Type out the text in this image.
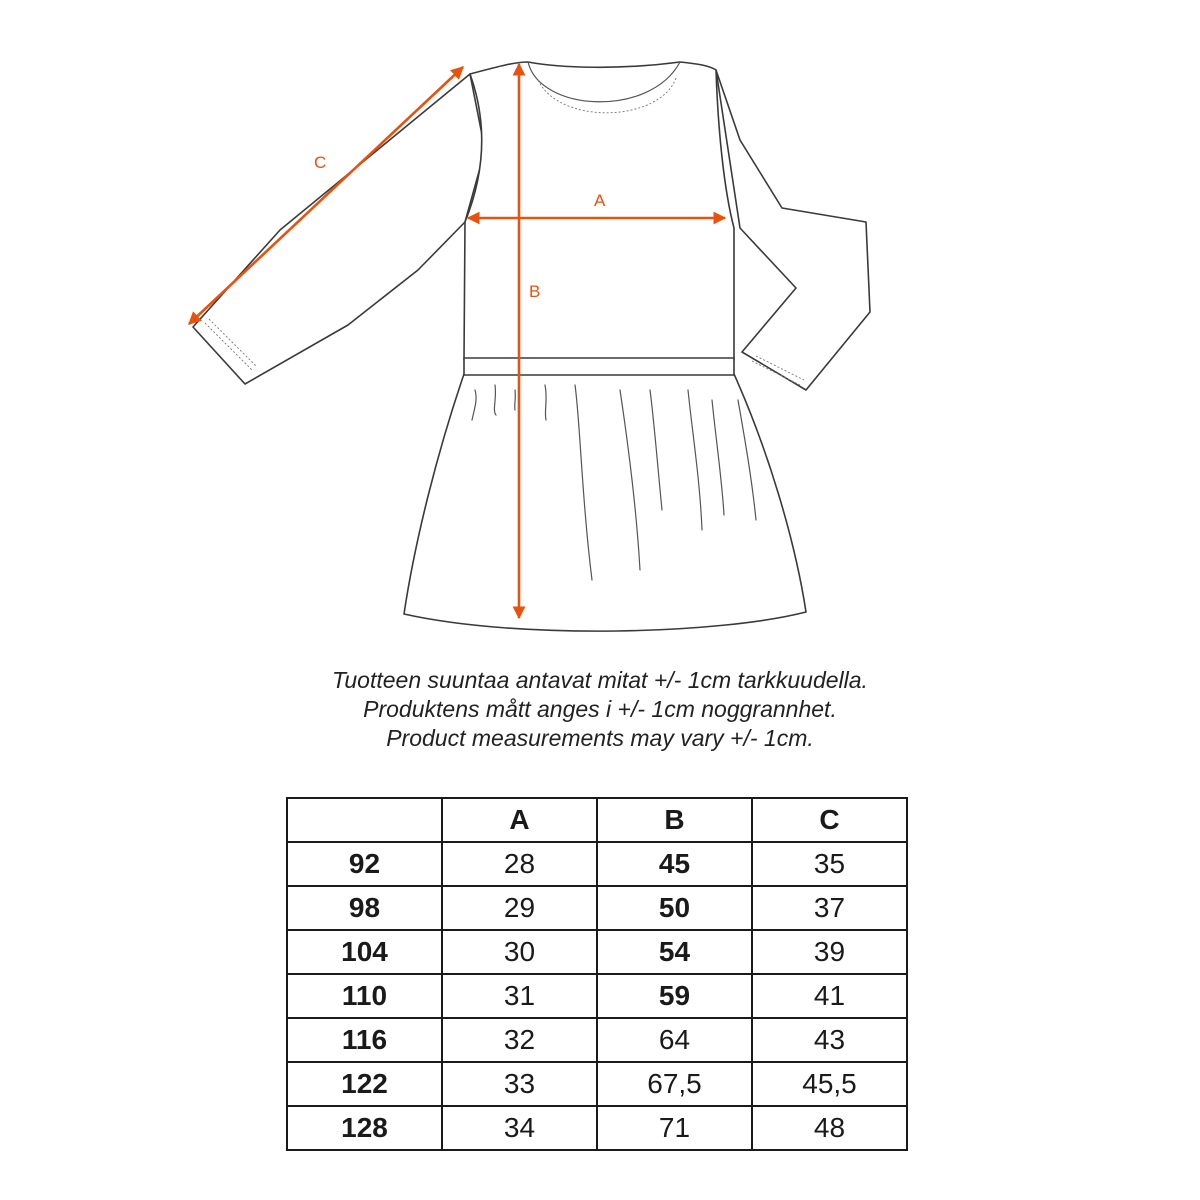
C
A
B
Tuotteen suuntaa antavat mitat +/- 1cm tarkkuudella.
Produktens mått anges i +/- 1cm noggrannhet.
Product measurements may vary +/- 1cm.
	A	B	C
92	28	45	35
98	29	50	37
104	30	54	39
110	31	59	41
116	32	64	43
122	33	67,5	45,5
128	34	71	48
